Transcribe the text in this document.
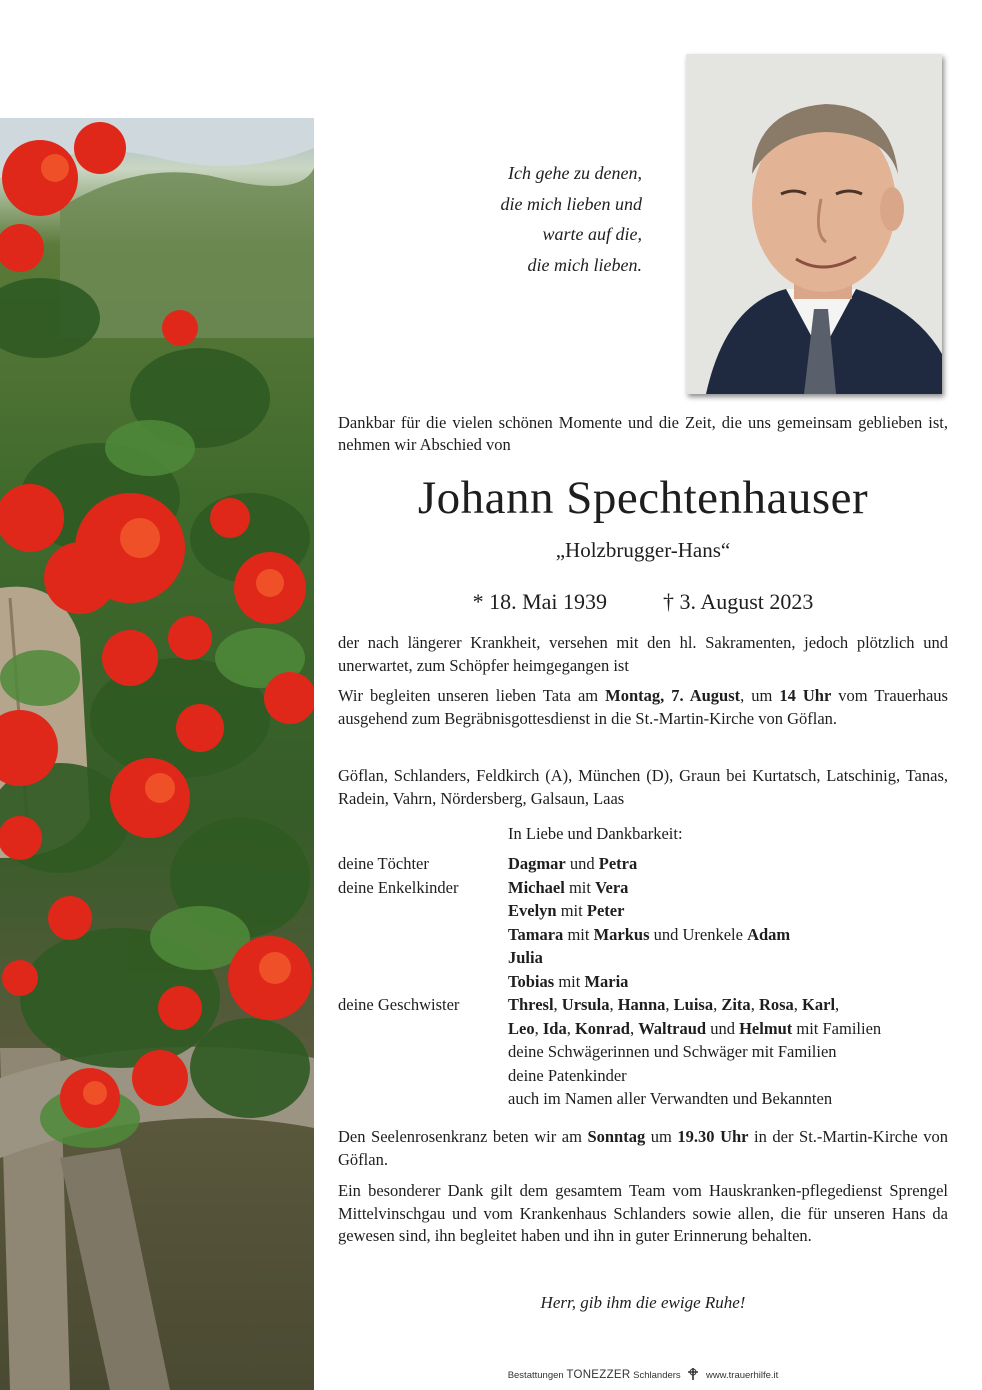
Ich gehe zu denen,
die mich lieben und
warte auf die,
die mich lieben.
Dankbar für die vielen schönen Momente und die Zeit, die uns gemeinsam geblieben ist, nehmen wir Abschied von
Johann Spechtenhauser
„Holzbrugger-Hans“
* 18. Mai 1939	† 3. August 2023
der nach längerer Krankheit, versehen mit den hl. Sakramenten, jedoch plötzlich und unerwartet, zum Schöpfer heimgegangen ist
Wir begleiten unseren lieben Tata am Montag, 7. August, um 14 Uhr vom Trauerhaus ausgehend zum Begräbnisgottesdienst in die St.-Martin-Kirche von Göflan.
Göflan, Schlanders, Feldkirch (A), München (D), Graun bei Kurtatsch, Latschinig, Tanas, Radein, Vahrn, Nördersberg, Galsaun, Laas
In Liebe und Dankbarkeit:
deine Töchter	Dagmar und Petra
deine Enkelkinder	Michael mit Vera
Evelyn mit Peter
Tamara mit Markus und Urenkele Adam
Julia
Tobias mit Maria
deine Geschwister	Thresl, Ursula, Hanna, Luisa, Zita, Rosa, Karl,
Leo, Ida, Konrad, Waltraud und Helmut mit Familien
deine Schwägerinnen und Schwäger mit Familien
deine Patenkinder
auch im Namen aller Verwandten und Bekannten
Den Seelenrosenkranz beten wir am Sonntag um 19.30 Uhr in der St.-Martin-Kirche von Göflan.
Ein besonderer Dank gilt dem gesamtem Team vom Hauskranken-pflegedienst Sprengel Mittelvinschgau und vom Krankenhaus Schlanders sowie allen, die für unseren Hans da gewesen sind, ihn begleitet haben und ihn in guter Erinnerung behalten.
Herr, gib ihm die ewige Ruhe!
Bestattungen TONEZZER Schlanders	www.trauerhilfe.it
